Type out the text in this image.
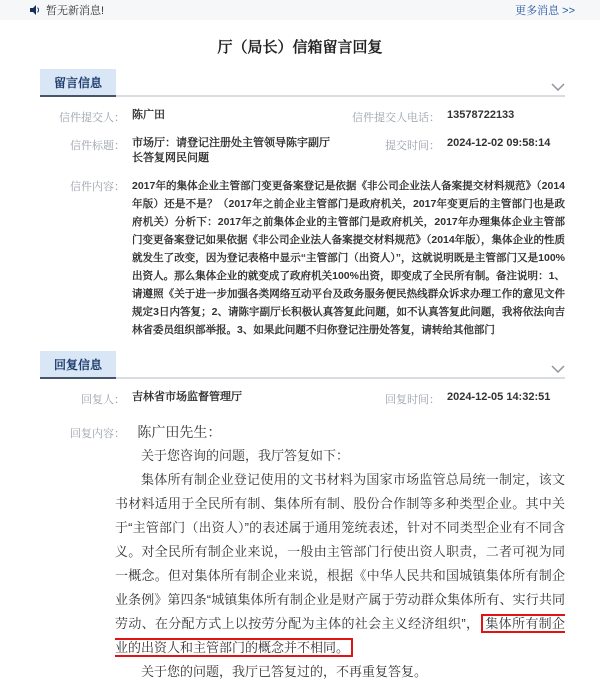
暂无新消息!	更多消息 >>
厅（局长）信箱留言回复
留言信息
信件提交人： 陈广田	信件提交人电话： 13578722133
信件标题： 市场厅：请登记注册处主管领导陈宇副厅长答复网民问题
提交时间： 2024-12-02 09:58:14
信件内容： 2017年的集体企业主管部门变更备案登记是依据《非公司企业法人备案提交材料规范》（2014年版）还是不是？（2017年之前企业主管部门是政府机关，2017年变更后的主管部门也是政府机关）分析下：2017年之前集体企业的主管部门是政府机关，2017年办理集体企业主管部门变更备案登记如果依据《非公司企业法人备案提交材料规范》（2014年版），集体企业的性质就发生了改变，因为登记表格中显示“主管部门（出资人）”，这就说明既是主管部门又是100%出资人。那么集体企业的就变成了政府机关100%出资，即变成了全民所有制。备注说明：1、请遵照《关于进一步加强各类网络互动平台及政务服务便民热线群众诉求办理工作的意见文件规定3日内答复；2、请陈宇副厅长积极认真答复此问题，如不认真答复此问题，我将依法向吉林省委员组织部举报。3、如果此问题不归你登记注册处答复，请转给其他部门
回复信息
回复人： 吉林省市场监督管理厅	回复时间： 2024-12-05 14:32:51
回复内容： 陈广田先生：

关于您咨询的问题，我厅答复如下：

集体所有制企业登记使用的文书材料为国家市场监管总局统一制定，该文书材料适用于全民所有制、集体所有制、股份合作制等多种类型企业。其中关于“主管部门（出资人）”的表述属于通用笼统表述，针对不同类型企业有不同含义。对全民所有制企业来说，一般由主管部门行使出资人职责，二者可视为同一概念。但对集体所有制企业来说，根据《中华人民共和国城镇集体所有制企业条例》第四条“城镇集体所有制企业是财产属于劳动群众集体所有、实行共同劳动、在分配方式上以按劳分配为主体的社会主义经济组织”， 集体所有制企业的出资人和主管部门的概念并不相同。

关于您的问题，我厅已答复过的，不再重复答复。
